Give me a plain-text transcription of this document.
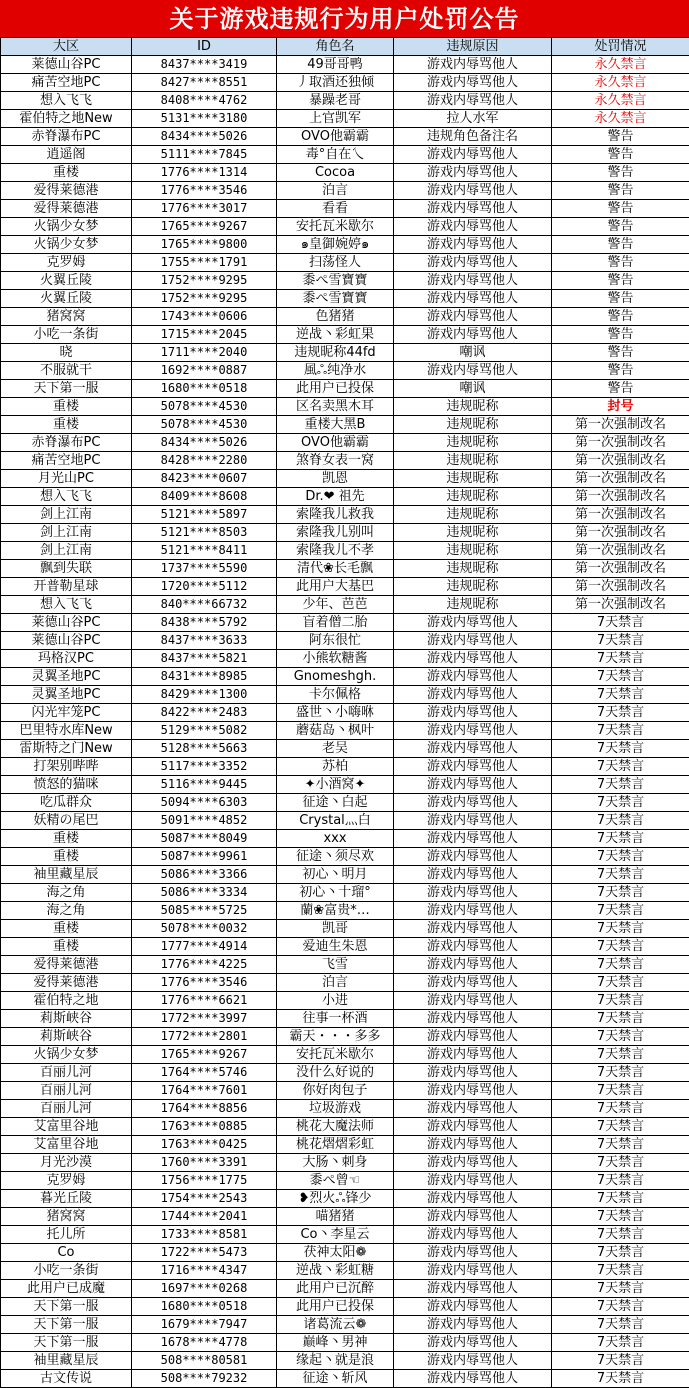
关于游戏违规行为用户处罚公告
大区	ID	角色名	违规原因	处罚情况
莱德山谷PC	8437****3419	49哥哥鸭	游戏内辱骂他人	永久禁言
痛苦空地PC	8427****8551	丿取酒还独倾	游戏内辱骂他人	永久禁言
想入飞飞	8408****4762	暴躁老哥	游戏内辱骂他人	永久禁言
霍伯特之地New	5131****3180	上官凯军	拉人水军	永久禁言
赤脊瀑布PC	8434****5026	OVO他霸霸	违规角色备注名	警告
逍遥阁	5111****7845	毒°自在乀	游戏内辱骂他人	警告
重楼	1776****1314	Cocoa	游戏内辱骂他人	警告
爱得莱德港	1776****3546	泊言	游戏内辱骂他人	警告
爱得莱德港	1776****3017	看看	游戏内辱骂他人	警告
火锅少女梦	1765****9267	安托瓦米歇尔	游戏内辱骂他人	警告
火锅少女梦	1765****9800	๑皇御婉婷๑	游戏内辱骂他人	警告
克罗姆	1755****1791	扫荡怪人	游戏内辱骂他人	警告
火翼丘陵	1752****9295	黍ぺ雪寶寶	游戏内辱骂他人	警告
火翼丘陵	1752****9295	黍ぺ雪寶寶	游戏内辱骂他人	警告
猪窝窝	1743****0606	色猪猪	游戏内辱骂他人	警告
小吃一条街	1715****2045	逆战丶彩虹果	游戏内辱骂他人	警告
晓	1711****2040	违规昵称44fd	嘲讽	警告
不服就干	1692****0887	風ஃ纯净水	游戏内辱骂他人	警告
天下第一服	1680****0518	此用户已投保	嘲讽	警告
重楼	5078****4530	区名卖黑木耳	违规昵称	封号
重楼	5078****4530	重楼大黑B	违规昵称	第一次强制改名
赤脊瀑布PC	8434****5026	OVO他霸霸	违规昵称	第一次强制改名
痛苦空地PC	8428****2280	煞脊女表一窝	违规昵称	第一次强制改名
月光山PC	8423****0607	凯恩	违规昵称	第一次强制改名
想入飞飞	8409****8608	Dr.❤ 祖先	违规昵称	第一次强制改名
剑上江南	5121****5897	索隆我儿救我	违规昵称	第一次强制改名
剑上江南	5121****8503	索隆我儿别叫	违规昵称	第一次强制改名
剑上江南	5121****8411	索隆我儿不孝	违规昵称	第一次强制改名
飘到失联	1737****5590	清代❀长毛飘	违规昵称	第一次强制改名
开普勒星球	1720****5112	此用户大基巴	违规昵称	第一次强制改名
想入飞飞	840****66732	少年、芭芭	违规昵称	第一次强制改名
莱德山谷PC	8438****5792	盲着僧二胎	游戏内辱骂他人	7天禁言
莱德山谷PC	8437****3633	阿东很忙	游戏内辱骂他人	7天禁言
玛格汉PC	8437****5821	小熊软糖酱	游戏内辱骂他人	7天禁言
灵翼圣地PC	8431****8985	Gnomeshgh.	游戏内辱骂他人	7天禁言
灵翼圣地PC	8429****1300	卡尔佩格	游戏内辱骂他人	7天禁言
闪光牢笼PC	8422****2483	盛世丶小嗨咻	游戏内辱骂他人	7天禁言
巴里特水库New	5129****5082	蘑菇岛丶枫叶	游戏内辱骂他人	7天禁言
雷斯特之门New	5128****5663	老吴	游戏内辱骂他人	7天禁言
打架别哔哔	5117****3352	苏柏	游戏内辱骂他人	7天禁言
愤怒的猫咪	5116****9445	✦小酒窝✦	游戏内辱骂他人	7天禁言
吃瓜群众	5094****6303	征途丶白起	游戏内辱骂他人	7天禁言
妖精の尾巴	5091****4852	Crystal灬白	游戏内辱骂他人	7天禁言
重楼	5087****8049	xxx	游戏内辱骂他人	7天禁言
重楼	5087****9961	征途丶须尽欢	游戏内辱骂他人	7天禁言
袖里藏星辰	5086****3366	初心丶明月	游戏内辱骂他人	7天禁言
海之角	5086****3334	初心丶十瑠°	游戏内辱骂他人	7天禁言
海之角	5085****5725	蘭❀富贵*…	游戏内辱骂他人	7天禁言
重楼	5078****0032	凯哥	游戏内辱骂他人	7天禁言
重楼	1777****4914	爱迪生朱恩	游戏内辱骂他人	7天禁言
爱得莱德港	1776****4225	飞雪	游戏内辱骂他人	7天禁言
爱得莱德港	1776****3546	泊言	游戏内辱骂他人	7天禁言
霍伯特之地	1776****6621	小进	游戏内辱骂他人	7天禁言
莉斯峡谷	1772****3997	往事一杯酒	游戏内辱骂他人	7天禁言
莉斯峡谷	1772****2801	霸天・・・多多	游戏内辱骂他人	7天禁言
火锅少女梦	1765****9267	安托瓦米歇尔	游戏内辱骂他人	7天禁言
百丽儿河	1764****5746	没什么好说的	游戏内辱骂他人	7天禁言
百丽儿河	1764****7601	你好肉包子	游戏内辱骂他人	7天禁言
百丽儿河	1764****8856	垃圾游戏	游戏内辱骂他人	7天禁言
艾富里谷地	1763****0885	桃花大魔法师	游戏内辱骂他人	7天禁言
艾富里谷地	1763****0425	桃花熠熠彩虹	游戏内辱骂他人	7天禁言
月光沙漠	1760****3391	大肠丶刺身	游戏内辱骂他人	7天禁言
克罗姆	1756****1775	黍ぺ曾☜	游戏内辱骂他人	7天禁言
暮光丘陵	1754****2543	❥烈火ஃ锋少	游戏内辱骂他人	7天禁言
猪窝窝	1744****2041	喵猪猪	游戏内辱骂他人	7天禁言
托儿所	1733****8581	Co丶李星云	游戏内辱骂他人	7天禁言
Co	1722****5473	茯神太阳❁	游戏内辱骂他人	7天禁言
小吃一条街	1716****4347	逆战丶彩虹糖	游戏内辱骂他人	7天禁言
此用户已成魔	1697****0268	此用户已沉醉	游戏内辱骂他人	7天禁言
天下第一服	1680****0518	此用户已投保	游戏内辱骂他人	7天禁言
天下第一服	1679****7947	诸葛流云❁	游戏内辱骂他人	7天禁言
天下第一服	1678****4778	巅峰丶男神	游戏内辱骂他人	7天禁言
袖里藏星辰	508****80581	缘起丶就是浪	游戏内辱骂他人	7天禁言
古文传说	508****79232	征途丶斩风	游戏内辱骂他人	7天禁言
